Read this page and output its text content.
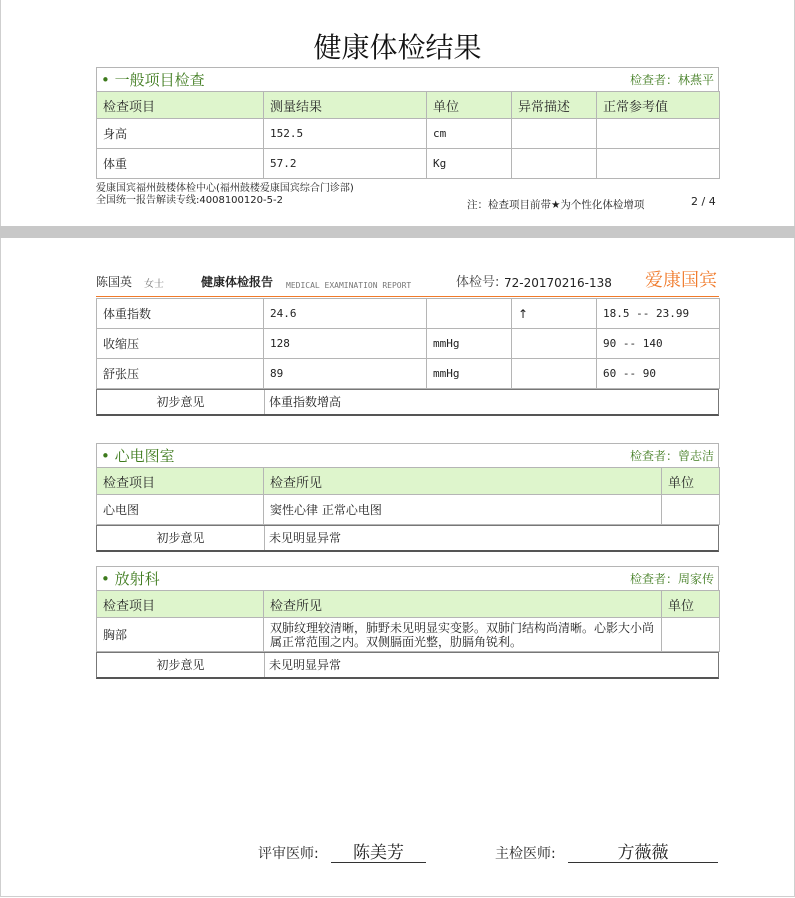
健康体检结果
• 一般项目检查	检查者：林燕平
检查项目	测量结果	单位	异常描述	正常参考值
身高	152.5	cm		
体重	57.2	Kg		
爱康国宾福州鼓楼体检中心(福州鼓楼爱康国宾综合门诊部)
全国统一报告解读专线:4008100120-5-2	注：检查项目前带★为个性化体检增项	2 / 4
陈国英 女士	健康体检报告 MEDICAL EXAMINATION REPORT	体检号: 72-20170216-138 爱康国宾
体重指数	24.6		↑	18.5 -- 23.99
收缩压	128	mmHg		90 -- 140
舒张压	89	mmHg		60 -- 90
初步意见	体重指数增高
• 心电图室	检查者：曾志洁
检查项目	检查所见	单位
心电图	窦性心律 正常心电图	
初步意见	未见明显异常
• 放射科	检查者：周家传
检查项目	检查所见	单位
胸部	双肺纹理较清晰，肺野未见明显实变影。双肺门结构尚清晰。心影大小尚属正常范围之内。双侧膈面光整，肋膈角锐利。	
初步意见	未见明显异常
评审医师:	陈美芳	主检医师:	方薇薇
